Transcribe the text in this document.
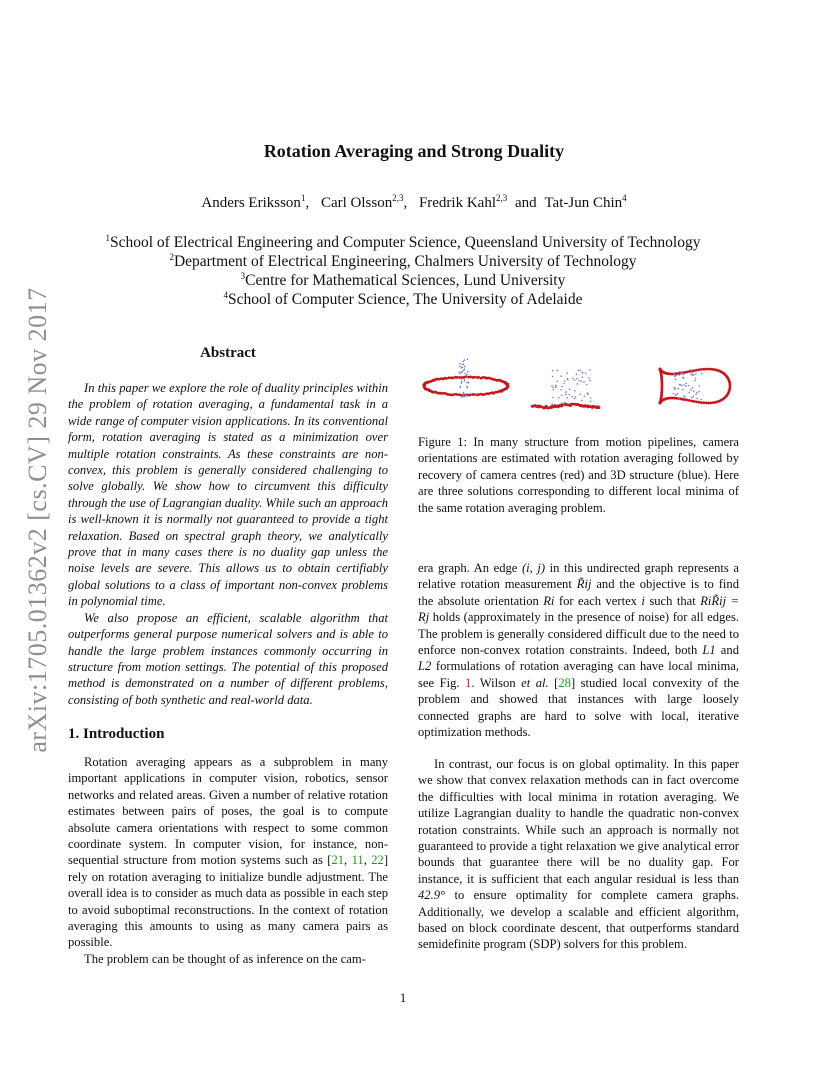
arXiv:1705.01362v2 [cs.CV] 29 Nov 2017
Rotation Averaging and Strong Duality
Anders Eriksson$^1$, Carl Olsson$^{2,3}$, Fredrik Kahl$^{2,3}$ and Tat-Jun Chin$^4$
$^1$School of Electrical Engineering and Computer Science, Queensland University of Technology
$^2$Department of Electrical Engineering, Chalmers University of Technology
$^3$Centre for Mathematical Sciences, Lund University
$^4$School of Computer Science, The University of Adelaide
Abstract

In this paper we explore the role of duality principles within the problem of rotation averaging, a fundamental task in a wide range of computer vision applications. In its conventional form, rotation averaging is stated as a minimization over multiple rotation constraints. As these constraints are non-convex, this problem is generally considered challenging to solve globally. We show how to circumvent this difficulty through the use of Lagrangian duality. While such an approach is well-known it is normally not guaranteed to provide a tight relaxation. Based on spectral graph theory, we analytically prove that in many cases there is no duality gap unless the noise levels are severe. This allows us to obtain certifiably global solutions to a class of important non-convex problems in polynomial time.

We also propose an efficient, scalable algorithm that outperforms general purpose numerical solvers and is able to handle the large problem instances commonly occurring in structure from motion settings. The potential of this proposed method is demonstrated on a number of different problems, consisting of both synthetic and real-world data.

1. Introduction

Rotation averaging appears as a subproblem in many important applications in computer vision, robotics, sensor networks and related areas. Given a number of relative rotation estimates between pairs of poses, the goal is to compute absolute camera orientations with respect to some common coordinate system. In computer vision, for instance, non-sequential structure from motion systems such as [21, 11, 22] rely on rotation averaging to initialize bundle adjustment. The overall idea is to consider as much data as possible in each step to avoid suboptimal reconstructions. In the context of rotation averaging this amounts to using as many camera pairs as possible.

The problem can be thought of as inference on the cam-

Figure 1: In many structure from motion pipelines, camera orientations are estimated with rotation averaging followed by recovery of camera centres (red) and 3D structure (blue). Here are three solutions corresponding to different local minima of the same rotation averaging problem.

era graph. An edge (i, j) in this undirected graph represents a relative rotation measurement R̃ij and the objective is to find the absolute orientation Ri for each vertex i such that RiR̃ij = Rj holds (approximately in the presence of noise) for all edges. The problem is generally considered difficult due to the need to enforce non-convex rotation constraints. Indeed, both L1 and L2 formulations of rotation averaging can have local minima, see Fig. 1. Wilson et al. [28] studied local convexity of the problem and showed that instances with large loosely connected graphs are hard to solve with local, iterative optimization methods.

In contrast, our focus is on global optimality. In this paper we show that convex relaxation methods can in fact overcome the difficulties with local minima in rotation averaging. We utilize Lagrangian duality to handle the quadratic non-convex rotation constraints. While such an approach is normally not guaranteed to provide a tight relaxation we give analytical error bounds that guarantee there will be no duality gap. For instance, it is sufficient that each angular residual is less than 42.9° to ensure optimality for complete camera graphs. Additionally, we develop a scalable and efficient algorithm, based on block coordinate descent, that outperforms standard semidefinite program (SDP) solvers for this problem.

1
